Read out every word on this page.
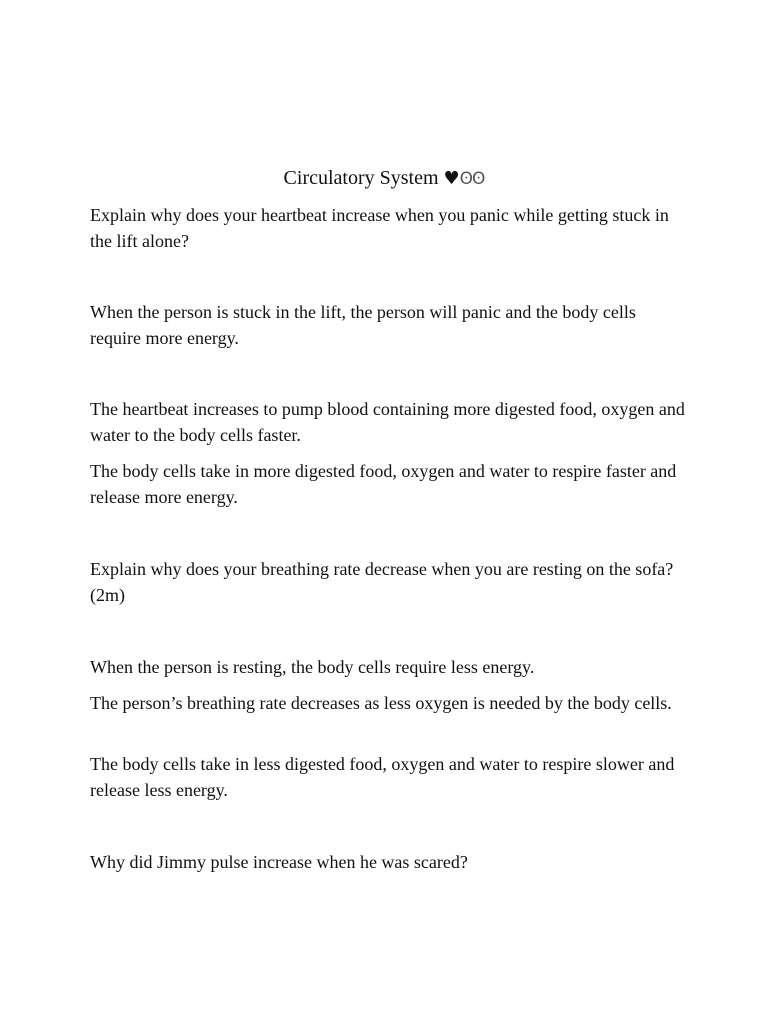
Circulatory System ♥ʘʘ

Explain why does your heartbeat increase when you panic while getting stuck in the lift alone?

When the person is stuck in the lift, the person will panic and the body cells require more energy.

The heartbeat increases to pump blood containing more digested food, oxygen and water to the body cells faster.

The body cells take in more digested food, oxygen and water to respire faster and release more energy.

Explain why does your breathing rate decrease when you are resting on the sofa? (2m)

When the person is resting, the body cells require less energy.

The person’s breathing rate decreases as less oxygen is needed by the body cells.

The body cells take in less digested food, oxygen and water to respire slower and release less energy.

Why did Jimmy pulse increase when he was scared?
